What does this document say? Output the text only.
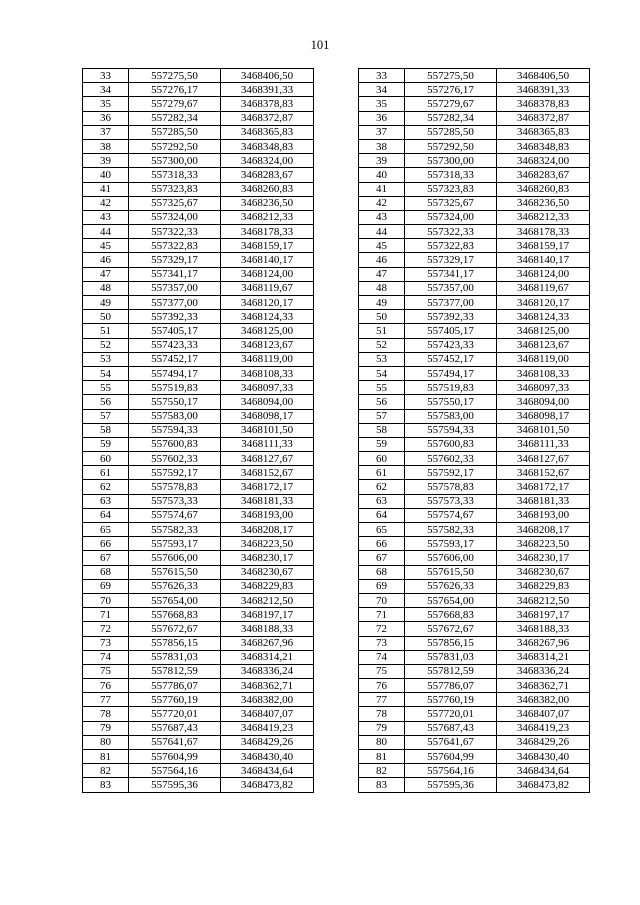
101
33	557275,50	3468406,50
34	557276,17	3468391,33
35	557279,67	3468378,83
36	557282,34	3468372,87
37	557285,50	3468365,83
38	557292,50	3468348,83
39	557300,00	3468324,00
40	557318,33	3468283,67
41	557323,83	3468260,83
42	557325,67	3468236,50
43	557324,00	3468212,33
44	557322,33	3468178,33
45	557322,83	3468159,17
46	557329,17	3468140,17
47	557341,17	3468124,00
48	557357,00	3468119,67
49	557377,00	3468120,17
50	557392,33	3468124,33
51	557405,17	3468125,00
52	557423,33	3468123,67
53	557452,17	3468119,00
54	557494,17	3468108,33
55	557519,83	3468097,33
56	557550,17	3468094,00
57	557583,00	3468098,17
58	557594,33	3468101,50
59	557600,83	3468111,33
60	557602,33	3468127,67
61	557592,17	3468152,67
62	557578,83	3468172,17
63	557573,33	3468181,33
64	557574,67	3468193,00
65	557582,33	3468208,17
66	557593,17	3468223,50
67	557606,00	3468230,17
68	557615,50	3468230,67
69	557626,33	3468229,83
70	557654,00	3468212,50
71	557668,83	3468197,17
72	557672,67	3468188,33
73	557856,15	3468267,96
74	557831,03	3468314,21
75	557812,59	3468336,24
76	557786,07	3468362,71
77	557760,19	3468382,00
78	557720,01	3468407,07
79	557687,43	3468419,23
80	557641,67	3468429,26
81	557604,99	3468430,40
82	557564,16	3468434,64
83	557595,36	3468473,82
33	557275,50	3468406,50
34	557276,17	3468391,33
35	557279,67	3468378,83
36	557282,34	3468372,87
37	557285,50	3468365,83
38	557292,50	3468348,83
39	557300,00	3468324,00
40	557318,33	3468283,67
41	557323,83	3468260,83
42	557325,67	3468236,50
43	557324,00	3468212,33
44	557322,33	3468178,33
45	557322,83	3468159,17
46	557329,17	3468140,17
47	557341,17	3468124,00
48	557357,00	3468119,67
49	557377,00	3468120,17
50	557392,33	3468124,33
51	557405,17	3468125,00
52	557423,33	3468123,67
53	557452,17	3468119,00
54	557494,17	3468108,33
55	557519,83	3468097,33
56	557550,17	3468094,00
57	557583,00	3468098,17
58	557594,33	3468101,50
59	557600,83	3468111,33
60	557602,33	3468127,67
61	557592,17	3468152,67
62	557578,83	3468172,17
63	557573,33	3468181,33
64	557574,67	3468193,00
65	557582,33	3468208,17
66	557593,17	3468223,50
67	557606,00	3468230,17
68	557615,50	3468230,67
69	557626,33	3468229,83
70	557654,00	3468212,50
71	557668,83	3468197,17
72	557672,67	3468188,33
73	557856,15	3468267,96
74	557831,03	3468314,21
75	557812,59	3468336,24
76	557786,07	3468362,71
77	557760,19	3468382,00
78	557720,01	3468407,07
79	557687,43	3468419,23
80	557641,67	3468429,26
81	557604,99	3468430,40
82	557564,16	3468434,64
83	557595,36	3468473,82
